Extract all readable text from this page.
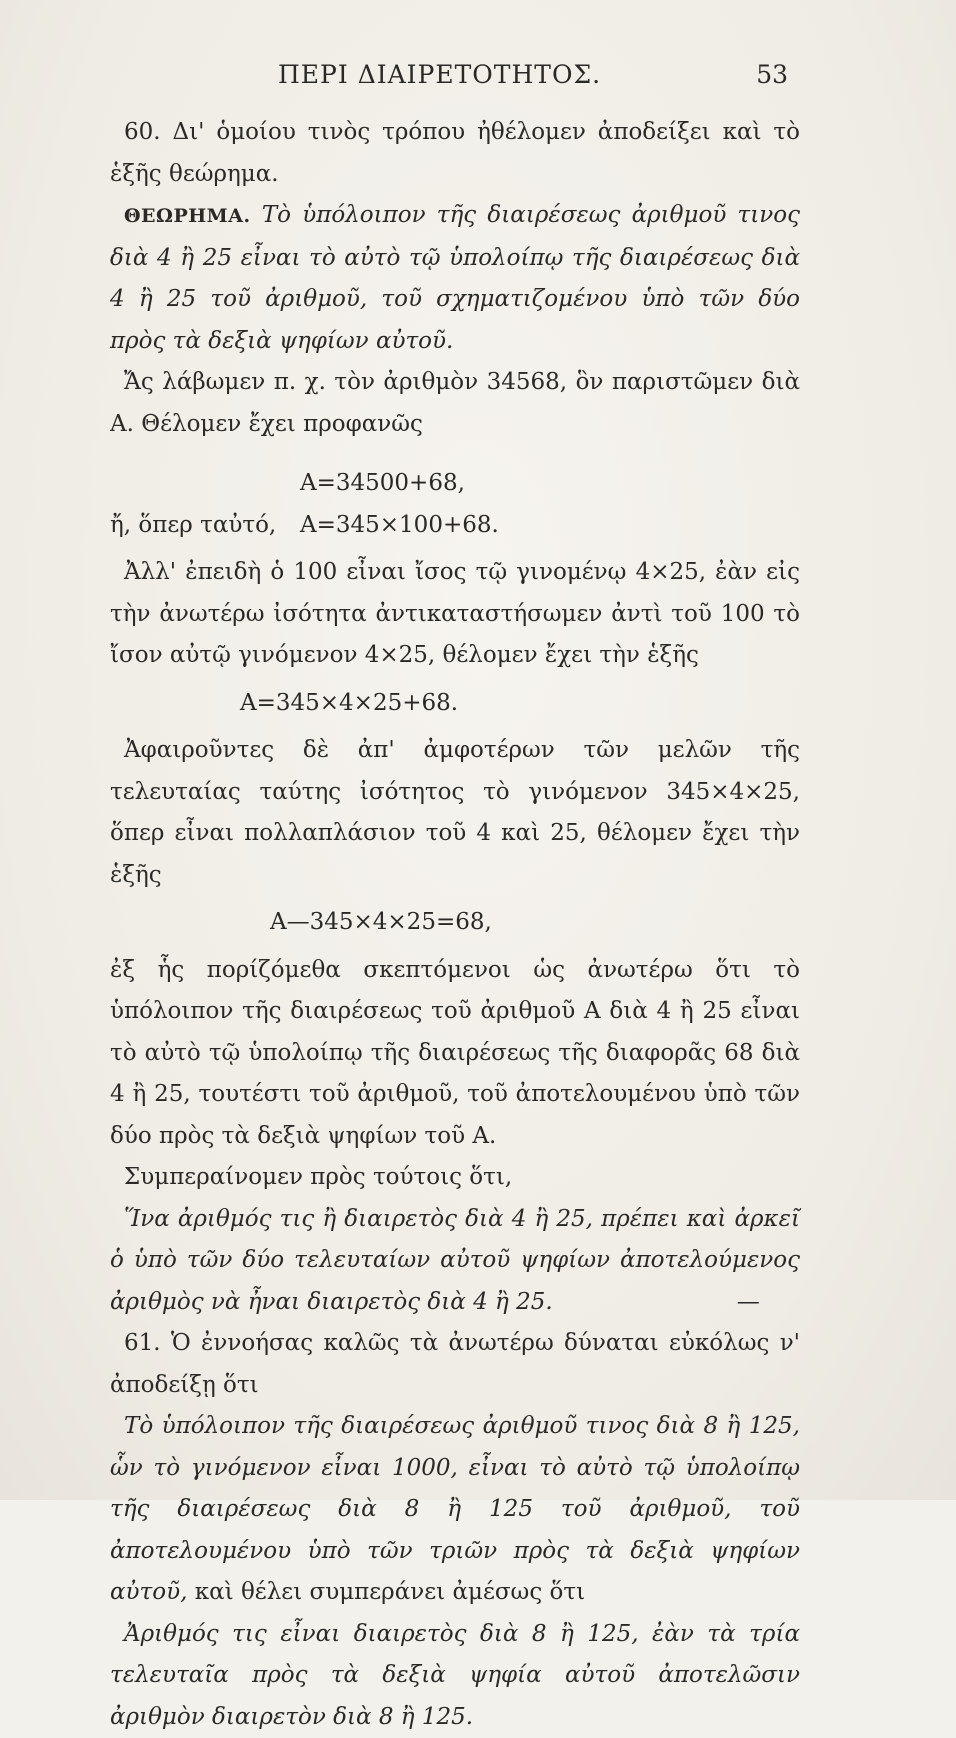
ΠΕΡΙ ΔΙΑΙΡΕΤΟΤΗΤΟΣ.	53

60. Δι' ὁμοίου τινὸς τρόπου ἠθέλομεν ἀποδείξει καὶ τὸ ἑξῆς θεώρημα.

ΘΕΩΡΗΜΑ. Τὸ ὑπόλοιπον τῆς διαιρέσεως ἀριθμοῦ τινος διὰ 4 ἢ 25 εἶναι τὸ αὐτὸ τῷ ὑπολοίπῳ τῆς διαιρέσεως διὰ 4 ἢ 25 τοῦ ἀριθμοῦ, τοῦ σχηματιζομένου ὑπὸ τῶν δύο πρὸς τὰ δεξιὰ ψηφίων αὐτοῦ.

Ἄς λάβωμεν π. χ. τὸν ἀριθμὸν 34568, ὃν παριστῶμεν διὰ Α. Θέλομεν ἔχει προφανῶς

Α=34500+68,
ἤ, ὅπερ ταὐτό, Α=345×100+68.

Ἀλλ' ἐπειδὴ ὁ 100 εἶναι ἴσος τῷ γινομένῳ 4×25, ἐὰν εἰς τὴν ἀνωτέρω ἰσότητα ἀντικαταστήσωμεν ἀντὶ τοῦ 100 τὸ ἴσον αὐτῷ γινόμενον 4×25, θέλομεν ἔχει τὴν ἑξῆς

Α=345×4×25+68.

Ἀφαιροῦντες δὲ ἀπ' ἀμφοτέρων τῶν μελῶν τῆς τελευταίας ταύτης ἰσότητος τὸ γινόμενον 345×4×25, ὅπερ εἶναι πολλαπλάσιον τοῦ 4 καὶ 25, θέλομεν ἔχει τὴν ἑξῆς

Α—345×4×25=68,

ἐξ ἧς πορίζόμεθα σκεπτόμενοι ὡς ἀνωτέρω ὅτι τὸ ὑπόλοιπον τῆς διαιρέσεως τοῦ ἀριθμοῦ Α διὰ 4 ἢ 25 εἶναι τὸ αὐτὸ τῷ ὑπολοίπῳ τῆς διαιρέσεως τῆς διαφορᾶς 68 διὰ 4 ἢ 25, τουτέστι τοῦ ἀριθμοῦ, τοῦ ἀποτελουμένου ὑπὸ τῶν δύο πρὸς τὰ δεξιὰ ψηφίων τοῦ Α.

Συμπεραίνομεν πρὸς τούτοις ὅτι,

Ἵνα ἀριθμός τις ἢ διαιρετὸς διὰ 4 ἢ 25, πρέπει καὶ ἀρκεῖ ὁ ὑπὸ τῶν δύο τελευταίων αὐτοῦ ψηφίων ἀποτελούμενος ἀριθμὸς νὰ ἦναι διαιρετὸς διὰ 4 ἢ 25.	—

61. Ὁ ἐννοήσας καλῶς τὰ ἀνωτέρω δύναται εὐκόλως ν' ἀποδείξῃ ὅτι

Τὸ ὑπόλοιπον τῆς διαιρέσεως ἀριθμοῦ τινος διὰ 8 ἢ 125, ὧν τὸ γινόμενον εἶναι 1000, εἶναι τὸ αὐτὸ τῷ ὑπολοίπῳ τῆς διαιρέσεως διὰ 8 ἢ 125 τοῦ ἀριθμοῦ, τοῦ ἀποτελουμένου ὑπὸ τῶν τριῶν πρὸς τὰ δεξιὰ ψηφίων αὐτοῦ, καὶ θέλει συμπεράνει ἀμέσως ὅτι

Ἀριθμός τις εἶναι διαιρετὸς διὰ 8 ἢ 125, ἐὰν τὰ τρία τελευταῖα πρὸς τὰ δεξιὰ ψηφία αὐτοῦ ἀποτελῶσιν ἀριθμὸν διαιρετὸν διὰ 8 ἢ 125.
